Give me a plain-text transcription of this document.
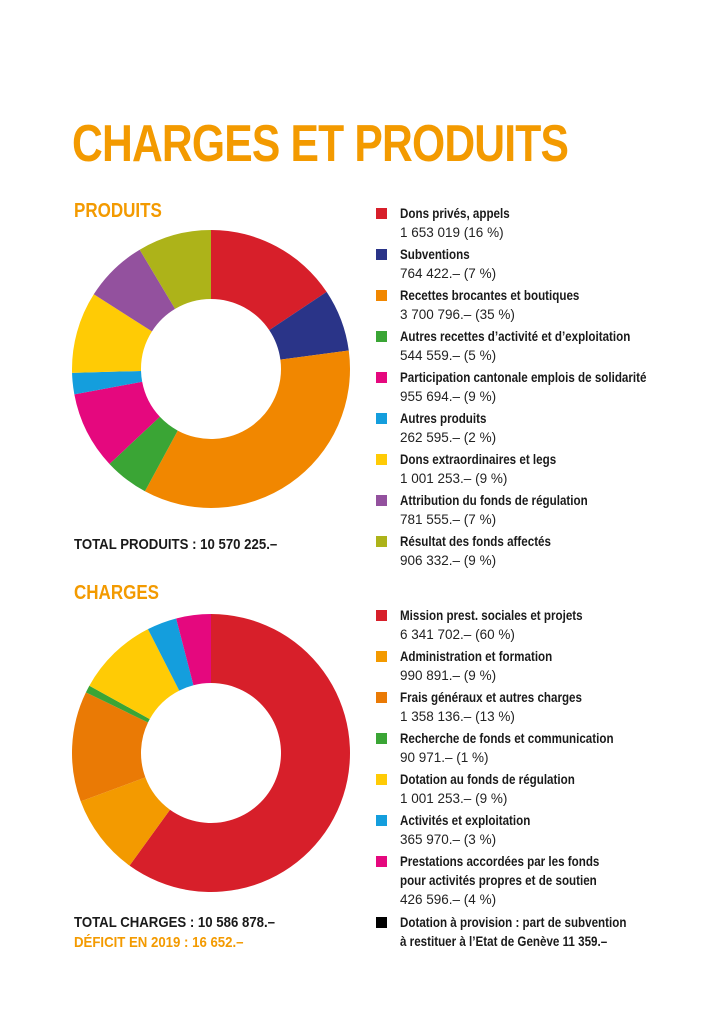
CHARGES ET PRODUITS
PRODUITS	Dons privés, appels
1 653 019 (16 %)
Subventions
764 422.– (7 %)
Recettes brocantes et boutiques
3 700 796.– (35 %)
Autres recettes d’activité et d’exploitation
544 559.– (5 %)
Participation cantonale emplois de solidarité
955 694.– (9 %)
Autres produits
262 595.– (2 %)
Dons extraordinaires et legs
1 001 253.– (9 %)
Attribution du fonds de régulation
781 555.– (7 %)
Résultat des fonds affectés
906 332.– (9 %)
TOTAL PRODUITS : 10 570 225.–
CHARGES
Mission prest. sociales et projets
6 341 702.– (60 %)
Administration et formation
990 891.– (9 %)
Frais généraux et autres charges
1 358 136.– (13 %)
Recherche de fonds et communication
90 971.– (1 %)
Dotation au fonds de régulation
1 001 253.– (9 %)
Activités et exploitation
365 970.– (3 %)
Prestations accordées par les fonds
pour activités propres et de soutien
426 596.– (4 %)
Dotation à provision : part de subvention
à restituer à l’Etat de Genève 11 359.–
TOTAL CHARGES : 10 586 878.–
DÉFICIT EN 2019 : 16 652.–
